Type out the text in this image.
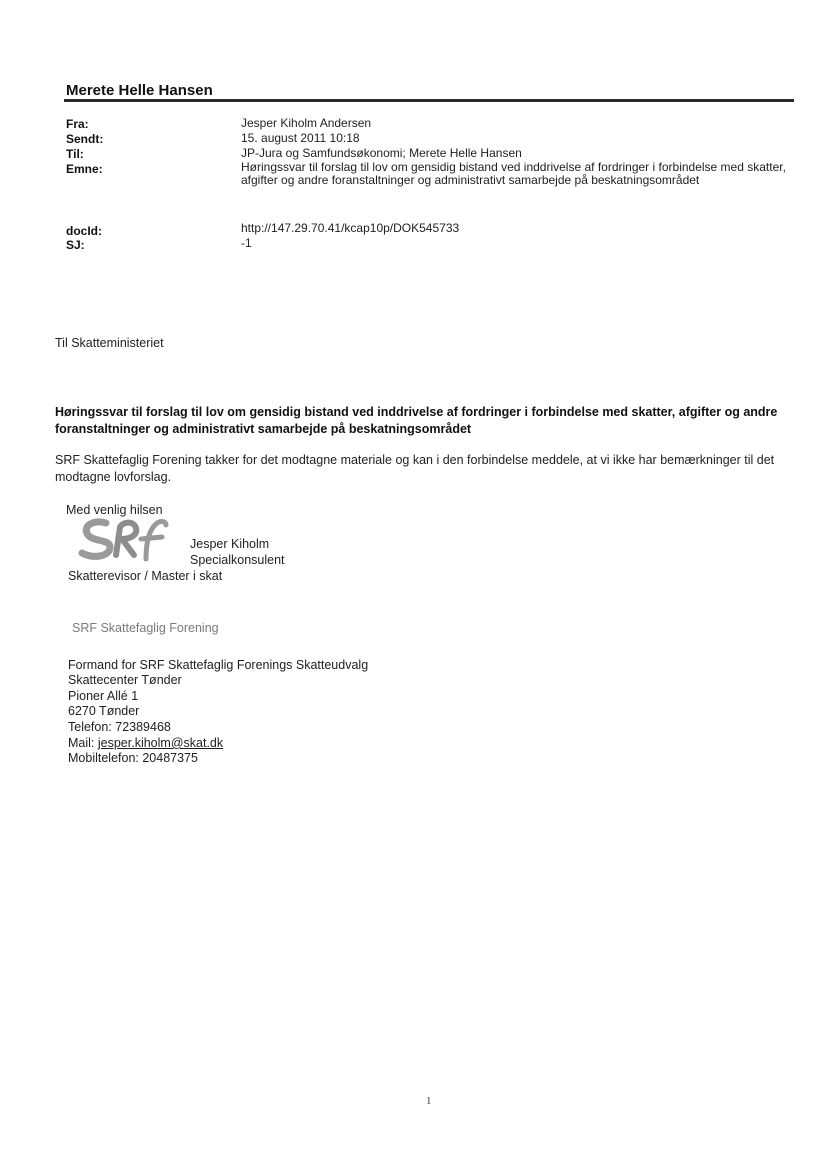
Merete Helle Hansen
Fra:	Jesper Kiholm Andersen
Sendt:	15. august 2011 10:18
Til:	JP-Jura og Samfundsøkonomi; Merete Helle Hansen
Emne:	Høringssvar til forslag til lov om gensidig bistand ved inddrivelse af fordringer i forbindelse med skatter, afgifter og andre foranstaltninger og administrativt samarbejde på beskatningsområdet
docId:	http://147.29.70.41/kcap10p/DOK545733
SJ:	-1
Til Skatteministeriet
Høringssvar til forslag til lov om gensidig bistand ved inddrivelse af fordringer i forbindelse med skatter, afgifter og andre foranstaltninger og administrativt samarbejde på beskatningsområdet
SRF Skattefaglig Forening takker for det modtagne materiale og kan i den forbindelse meddele, at vi ikke har bemærkninger til det modtagne lovforslag.
Med venlig hilsen
Jesper Kiholm
Specialkonsulent
Skatterevisor / Master i skat
SRF Skattefaglig Forening
Formand for SRF Skattefaglig Forenings Skatteudvalg
Skattecenter Tønder
Pioner Allé 1
6270 Tønder
Telefon: 72389468
Mail: jesper.kiholm@skat.dk
Mobiltelefon: 20487375
1
